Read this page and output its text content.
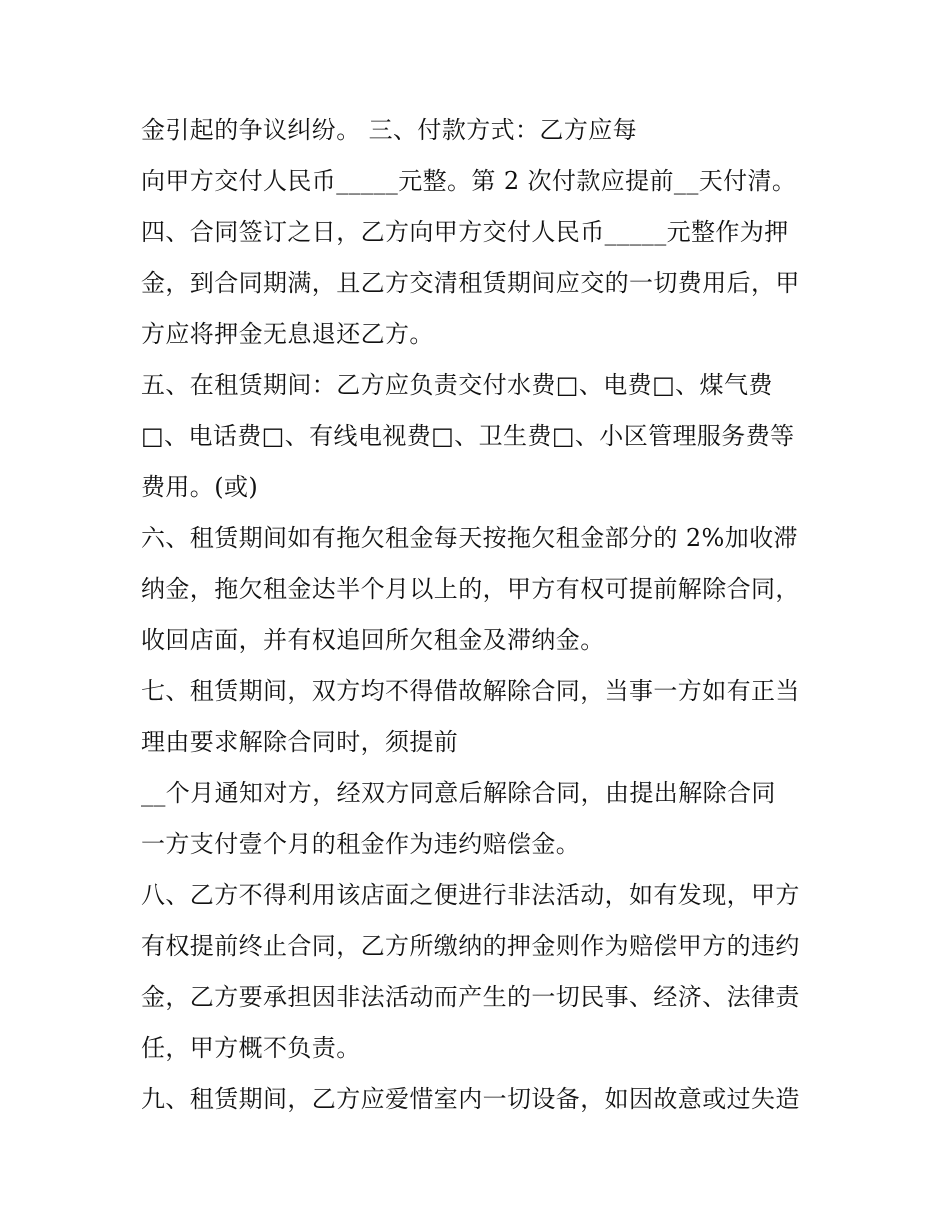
金引起的争议纠纷。 三、付款方式：乙方应每
向甲方交付人民币_____元整。第 2 次付款应提前__天付清。
四、合同签订之日，乙方向甲方交付人民币_____元整作为押
金，到合同期满，且乙方交清租赁期间应交的一切费用后，甲
方应将押金无息退还乙方。
五、在租赁期间：乙方应负责交付水费□、电费□、煤气费
□、电话费□、有线电视费□、卫生费□、小区管理服务费等
费用。(或)
六、租赁期间如有拖欠租金每天按拖欠租金部分的 2%加收滞
纳金，拖欠租金达半个月以上的，甲方有权可提前解除合同，
收回店面，并有权追回所欠租金及滞纳金。
七、租赁期间，双方均不得借故解除合同，当事一方如有正当
理由要求解除合同时，须提前
__个月通知对方，经双方同意后解除合同，由提出解除合同
一方支付壹个月的租金作为违约赔偿金。
八、乙方不得利用该店面之便进行非法活动，如有发现，甲方
有权提前终止合同，乙方所缴纳的押金则作为赔偿甲方的违约
金，乙方要承担因非法活动而产生的一切民事、经济、法律责
任，甲方概不负责。
九、租赁期间，乙方应爱惜室内一切设备，如因故意或过失造
